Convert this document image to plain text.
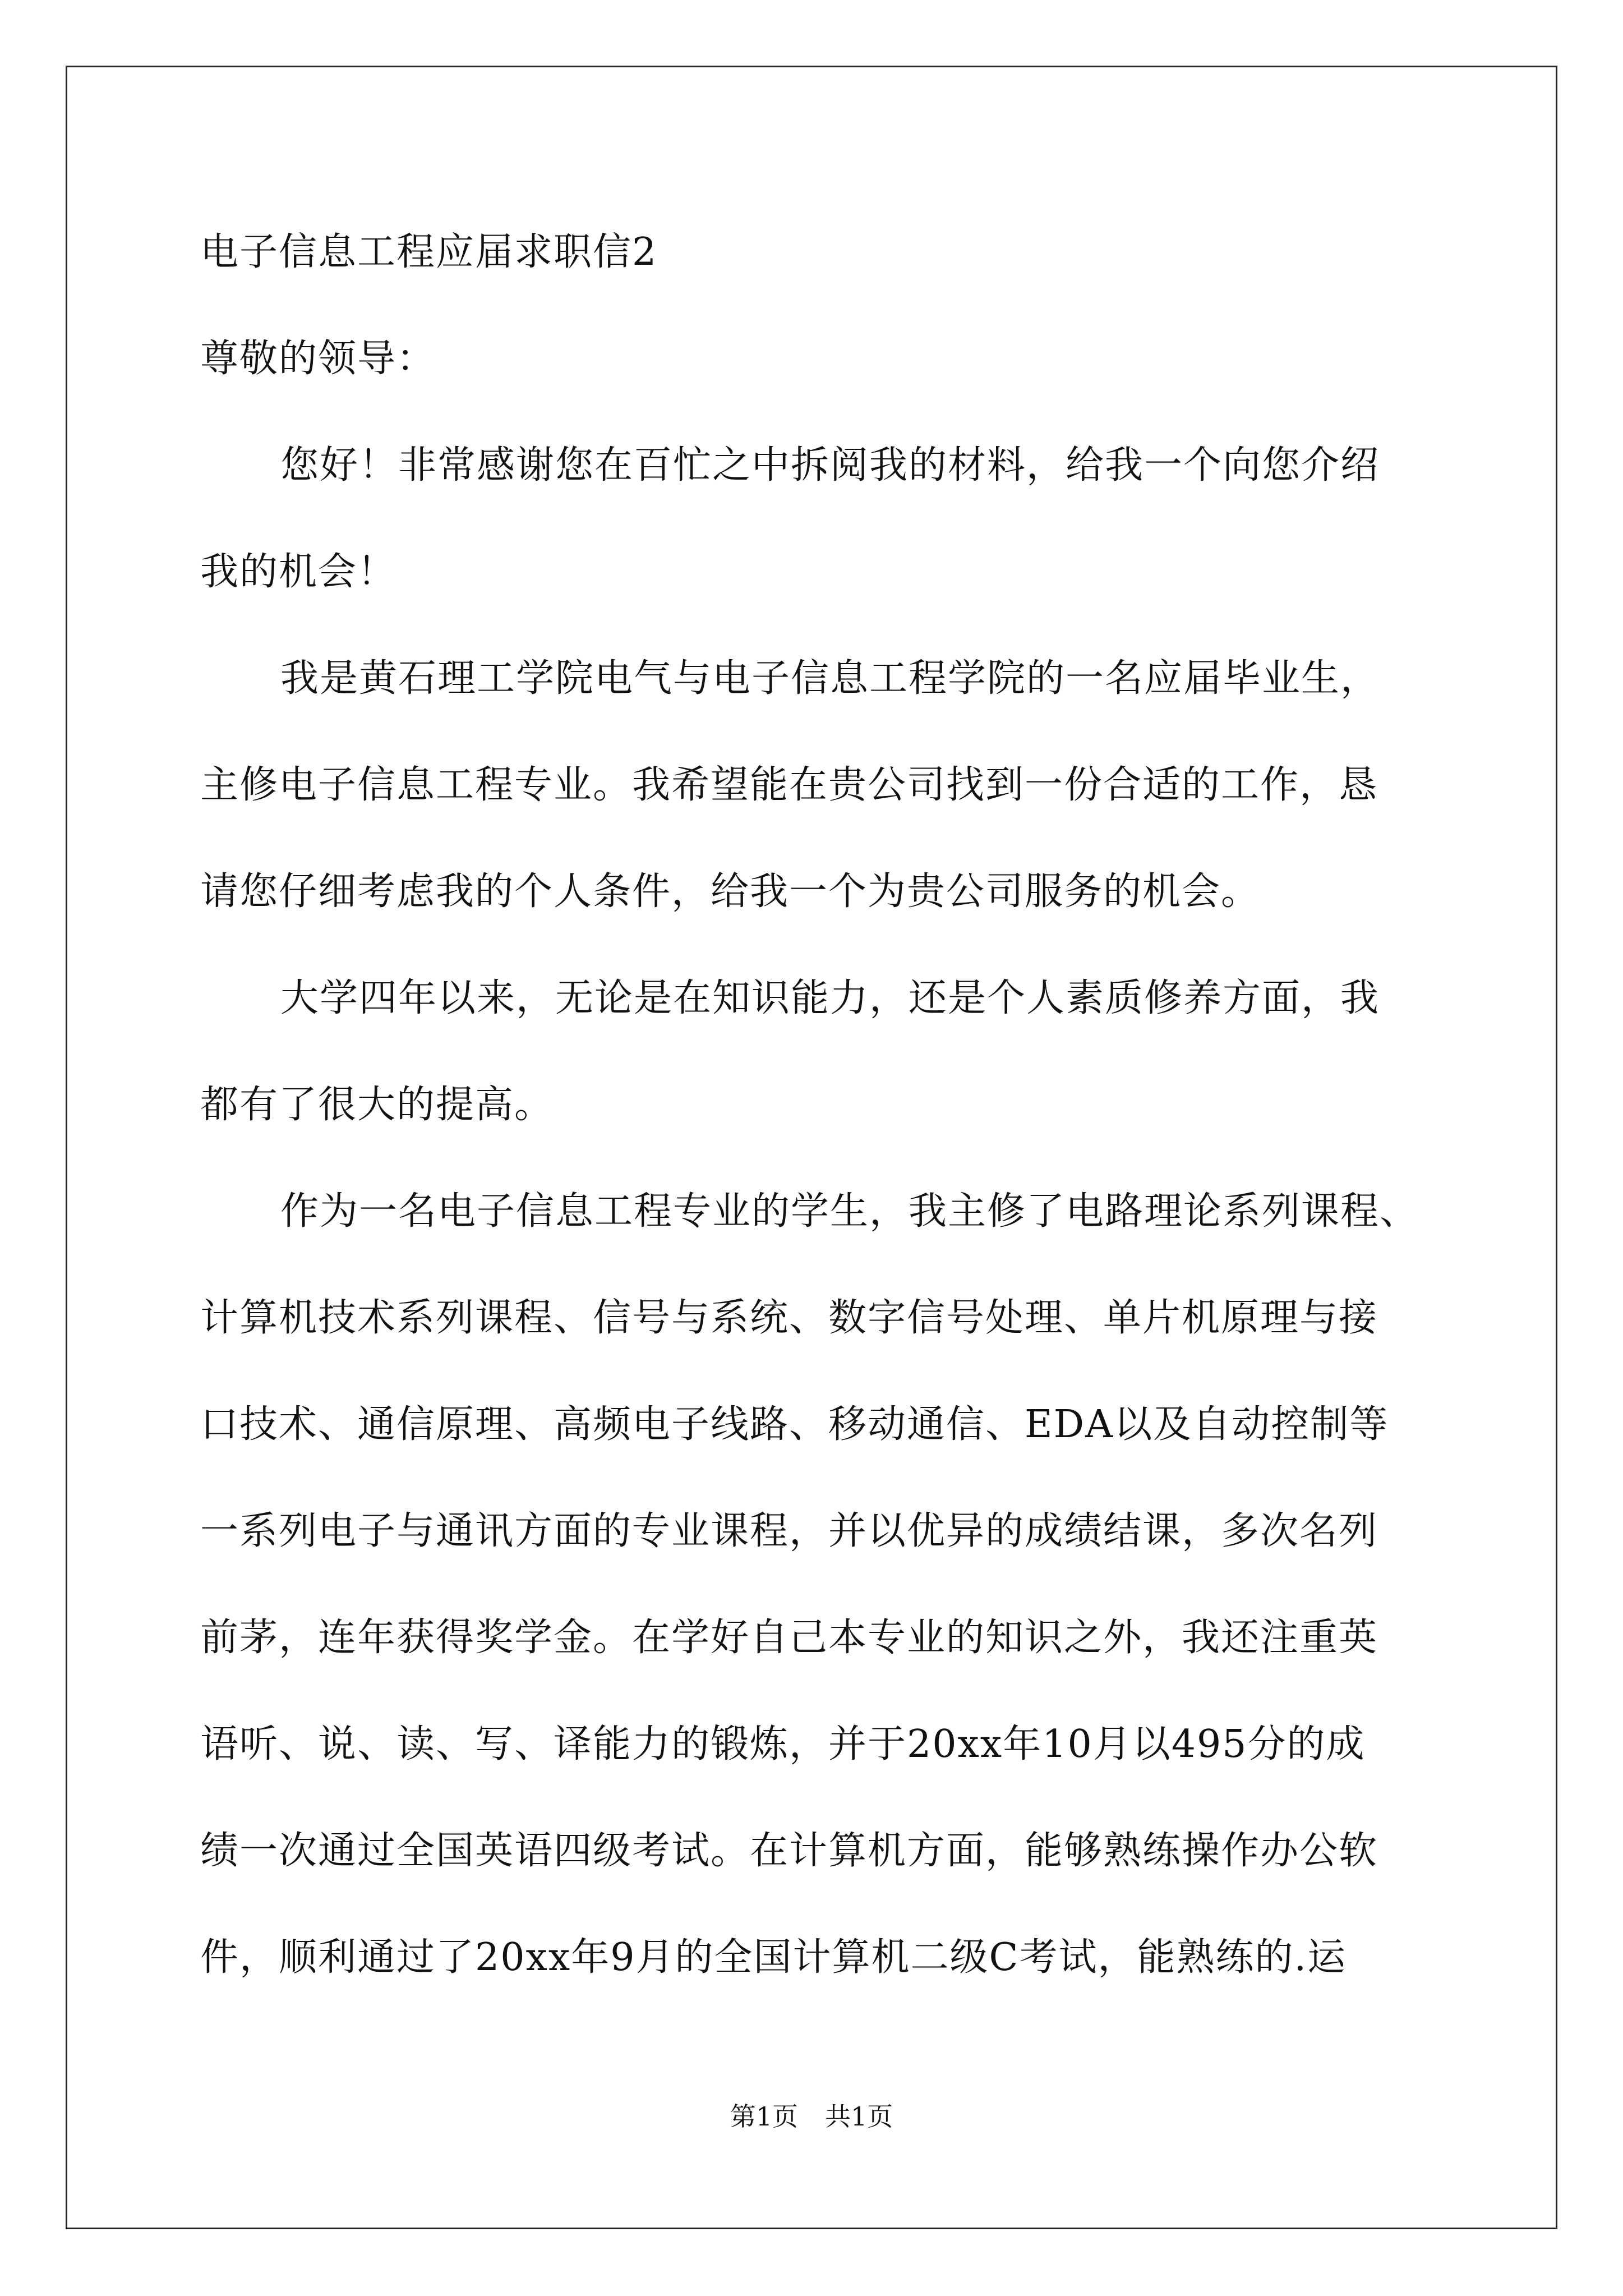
电子信息工程应届求职信2
尊敬的领导：
您好！非常感谢您在百忙之中拆阅我的材料，给我一个向您介绍
我的机会！
我是黄石理工学院电气与电子信息工程学院的一名应届毕业生，
主修电子信息工程专业。我希望能在贵公司找到一份合适的工作，恳
请您仔细考虑我的个人条件，给我一个为贵公司服务的机会。
大学四年以来，无论是在知识能力，还是个人素质修养方面，我
都有了很大的提高。
作为一名电子信息工程专业的学生，我主修了电路理论系列课程、
计算机技术系列课程、信号与系统、数字信号处理、单片机原理与接
口技术、通信原理、高频电子线路、移动通信、EDA以及自动控制等
一系列电子与通讯方面的专业课程，并以优异的成绩结课，多次名列
前茅，连年获得奖学金。在学好自己本专业的知识之外，我还注重英
语听、说、读、写、译能力的锻炼，并于20xx年10月以495分的成
绩一次通过全国英语四级考试。在计算机方面，能够熟练操作办公软
件，顺利通过了20xx年9月的全国计算机二级C考试，能熟练的.运
第1页 共1页
